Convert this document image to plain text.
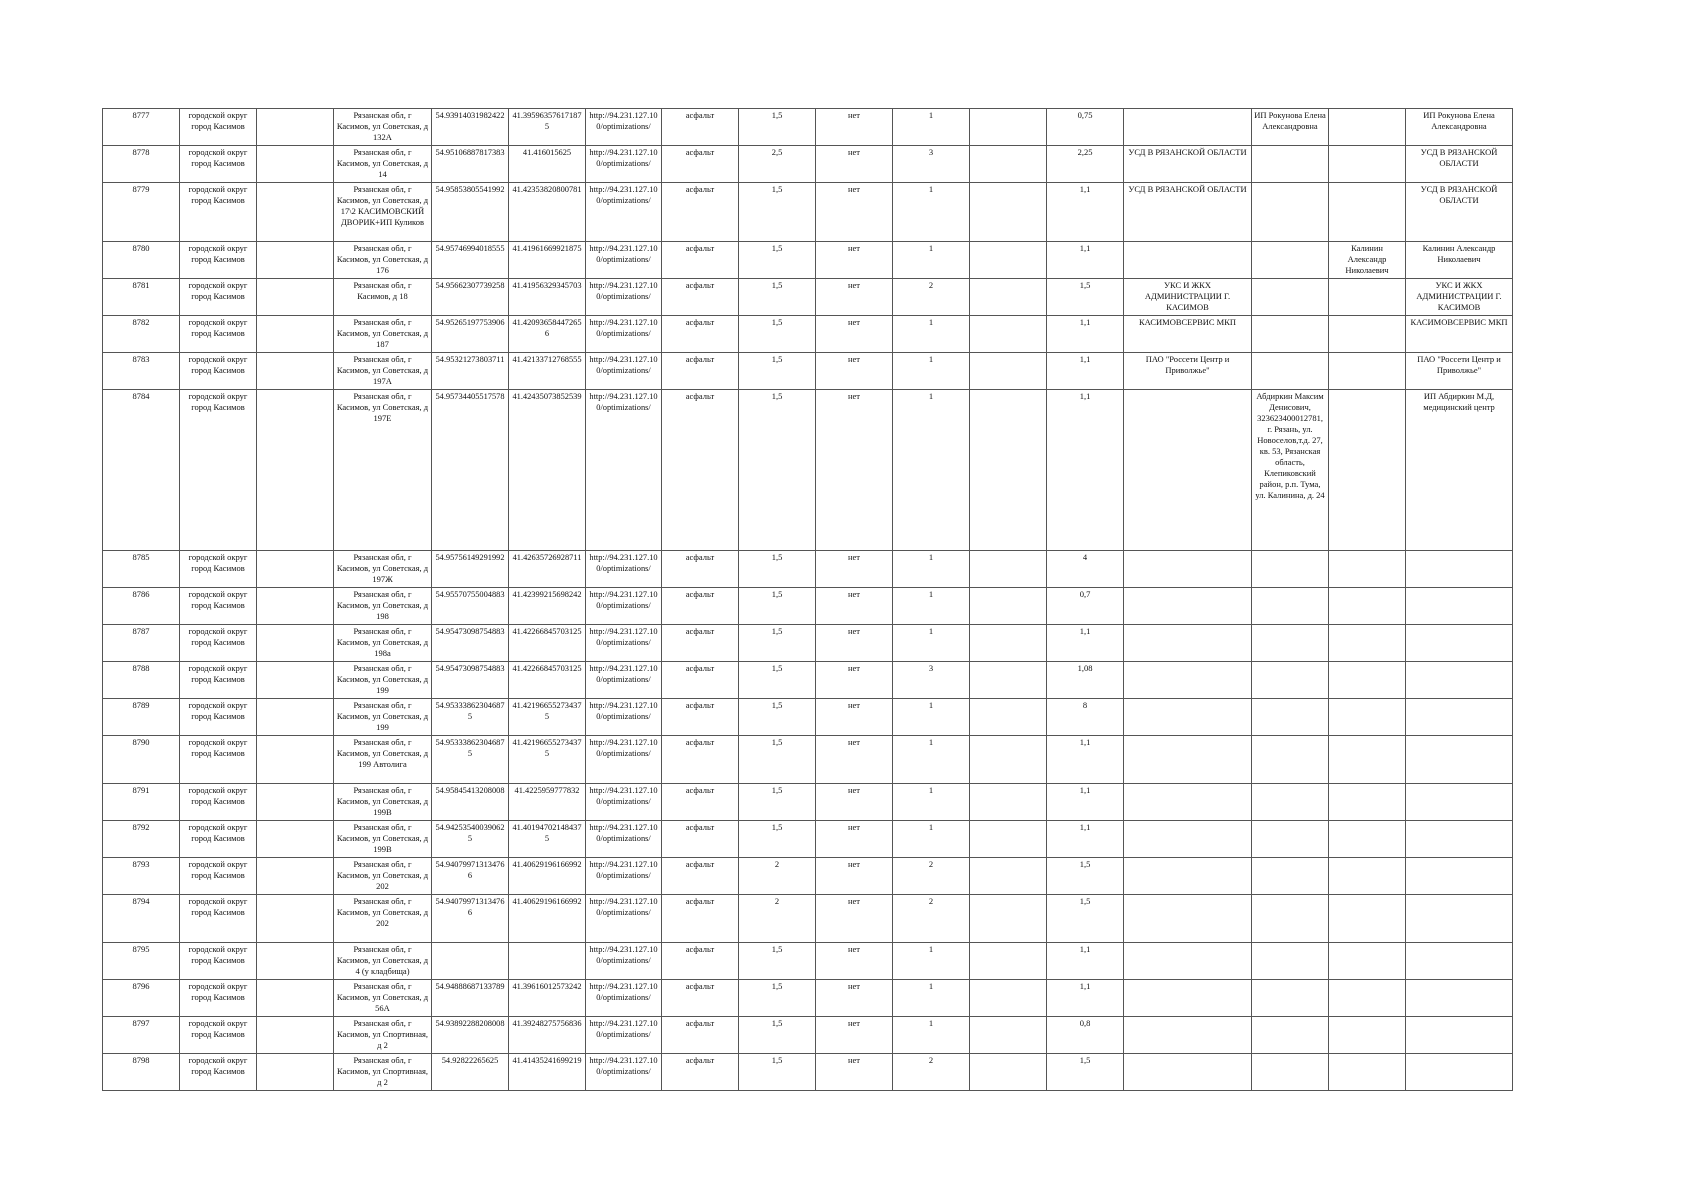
8777	городской округ город Касимов		Рязанская обл, г Касимов, ул Советская, д 132А	54.93914031982422	41.39596357617187 5	http://94.231.127.10 0/optimizations/	асфальт	1,5	нет	1		0,75		ИП Рокунова Елена Александровна		ИП Рокунова Елена Александровна
8778	городской округ город Касимов		Рязанская обл, г Касимов, ул Советская, д 14	54.95106887817383	41.416015625	http://94.231.127.10 0/optimizations/	асфальт	2,5	нет	3		2,25	УСД В РЯЗАНСКОЙ ОБЛАСТИ			УСД В РЯЗАНСКОЙ ОБЛАСТИ
8779	городской округ город Касимов		Рязанская обл, г Касимов, ул Советская, д 17\2 КАСИМОВСКИЙ ДВОРИК+ИП Куликов	54.95853805541992	41.42353820800781	http://94.231.127.10 0/optimizations/	асфальт	1,5	нет	1		1,1	УСД В РЯЗАНСКОЙ ОБЛАСТИ			УСД В РЯЗАНСКОЙ ОБЛАСТИ
8780	городской округ город Касимов		Рязанская обл, г Касимов, ул Советская, д 176	54.95746994018555	41.41961669921875	http://94.231.127.10 0/optimizations/	асфальт	1,5	нет	1		1,1			Калинин Александр Николаевич	Калинин Александр Николаевич
8781	городской округ город Касимов		Рязанская обл, г Касимов, д 18	54.95662307739258	41.41956329345703	http://94.231.127.10 0/optimizations/	асфальт	1,5	нет	2		1,5	УКС И ЖКХ АДМИНИСТРАЦИИ Г. КАСИМОВ			УКС И ЖКХ АДМИНИСТРАЦИИ Г. КАСИМОВ
8782	городской округ город Касимов		Рязанская обл, г Касимов, ул Советская, д 187	54.95265197753906	41.42093658447265 6	http://94.231.127.10 0/optimizations/	асфальт	1,5	нет	1		1,1	КАСИМОВСЕРВИС МКП			КАСИМОВСЕРВИС МКП
8783	городской округ город Касимов		Рязанская обл, г Касимов, ул Советская, д 197А	54.95321273803711	41.42133712768555	http://94.231.127.10 0/optimizations/	асфальт	1,5	нет	1		1,1	ПАО "Россети Центр и Приволжье"			ПАО "Россети Центр и Приволжье"
8784	городской округ город Касимов		Рязанская обл, г Касимов, ул Советская, д 197Е	54.95734405517578	41.42435073852539	http://94.231.127.10 0/optimizations/	асфальт	1,5	нет	1		1,1		Абдиркин Максим Денисович, 323623400012781, г. Рязань, ул. Новоселов,т.д. 27, кв. 53, Рязанская область, Клепиковский район, р.п. Тума, ул. Калинина, д. 24		ИП Абдиркин М.Д, медицинский центр
8785	городской округ город Касимов		Рязанская обл, г Касимов, ул Советская, д 197Ж	54.95756149291992	41.42635726928711	http://94.231.127.10 0/optimizations/	асфальт	1,5	нет	1		4				
8786	городской округ город Касимов		Рязанская обл, г Касимов, ул Советская, д 198	54.95570755004883	41.42399215698242	http://94.231.127.10 0/optimizations/	асфальт	1,5	нет	1		0,7				
8787	городской округ город Касимов		Рязанская обл, г Касимов, ул Советская, д 198а	54.95473098754883	41.42266845703125	http://94.231.127.10 0/optimizations/	асфальт	1,5	нет	1		1,1				
8788	городской округ город Касимов		Рязанская обл, г Касимов, ул Советская, д 199	54.95473098754883	41.42266845703125	http://94.231.127.10 0/optimizations/	асфальт	1,5	нет	3		1,08				
8789	городской округ город Касимов		Рязанская обл, г Касимов, ул Советская, д 199	54.95333862304687 5	41.42196655273437 5	http://94.231.127.10 0/optimizations/	асфальт	1,5	нет	1		8				
8790	городской округ город Касимов		Рязанская обл, г Касимов, ул Советская, д 199 Автолига	54.95333862304687 5	41.42196655273437 5	http://94.231.127.10 0/optimizations/	асфальт	1,5	нет	1		1,1				
8791	городской округ город Касимов		Рязанская обл, г Касимов, ул Советская, д 199В	54.95845413208008	41.4225959777832	http://94.231.127.10 0/optimizations/	асфальт	1,5	нет	1		1,1				
8792	городской округ город Касимов		Рязанская обл, г Касимов, ул Советская, д 199В	54.94253540039062 5	41.40194702148437 5	http://94.231.127.10 0/optimizations/	асфальт	1,5	нет	1		1,1				
8793	городской округ город Касимов		Рязанская обл, г Касимов, ул Советская, д 202	54.94079971313476 6	41.40629196166992	http://94.231.127.10 0/optimizations/	асфальт	2	нет	2		1,5				
8794	городской округ город Касимов		Рязанская обл, г Касимов, ул Советская, д 202	54.94079971313476 6	41.40629196166992	http://94.231.127.10 0/optimizations/	асфальт	2	нет	2		1,5				
8795	городской округ город Касимов		Рязанская обл, г Касимов, ул Советская, д 4 (у кладбища)			http://94.231.127.10 0/optimizations/	асфальт	1,5	нет	1		1,1				
8796	городской округ город Касимов		Рязанская обл, г Касимов, ул Советская, д 56А	54.94888687133789	41.39616012573242	http://94.231.127.10 0/optimizations/	асфальт	1,5	нет	1		1,1				
8797	городской округ город Касимов		Рязанская обл, г Касимов, ул Спортивная, д 2	54.93892288208008	41.39248275756836	http://94.231.127.10 0/optimizations/	асфальт	1,5	нет	1		0,8				
8798	городской округ город Касимов		Рязанская обл, г Касимов, ул Спортивная, д 2	54.92822265625	41.41435241699219	http://94.231.127.10 0/optimizations/	асфальт	1,5	нет	2		1,5				
